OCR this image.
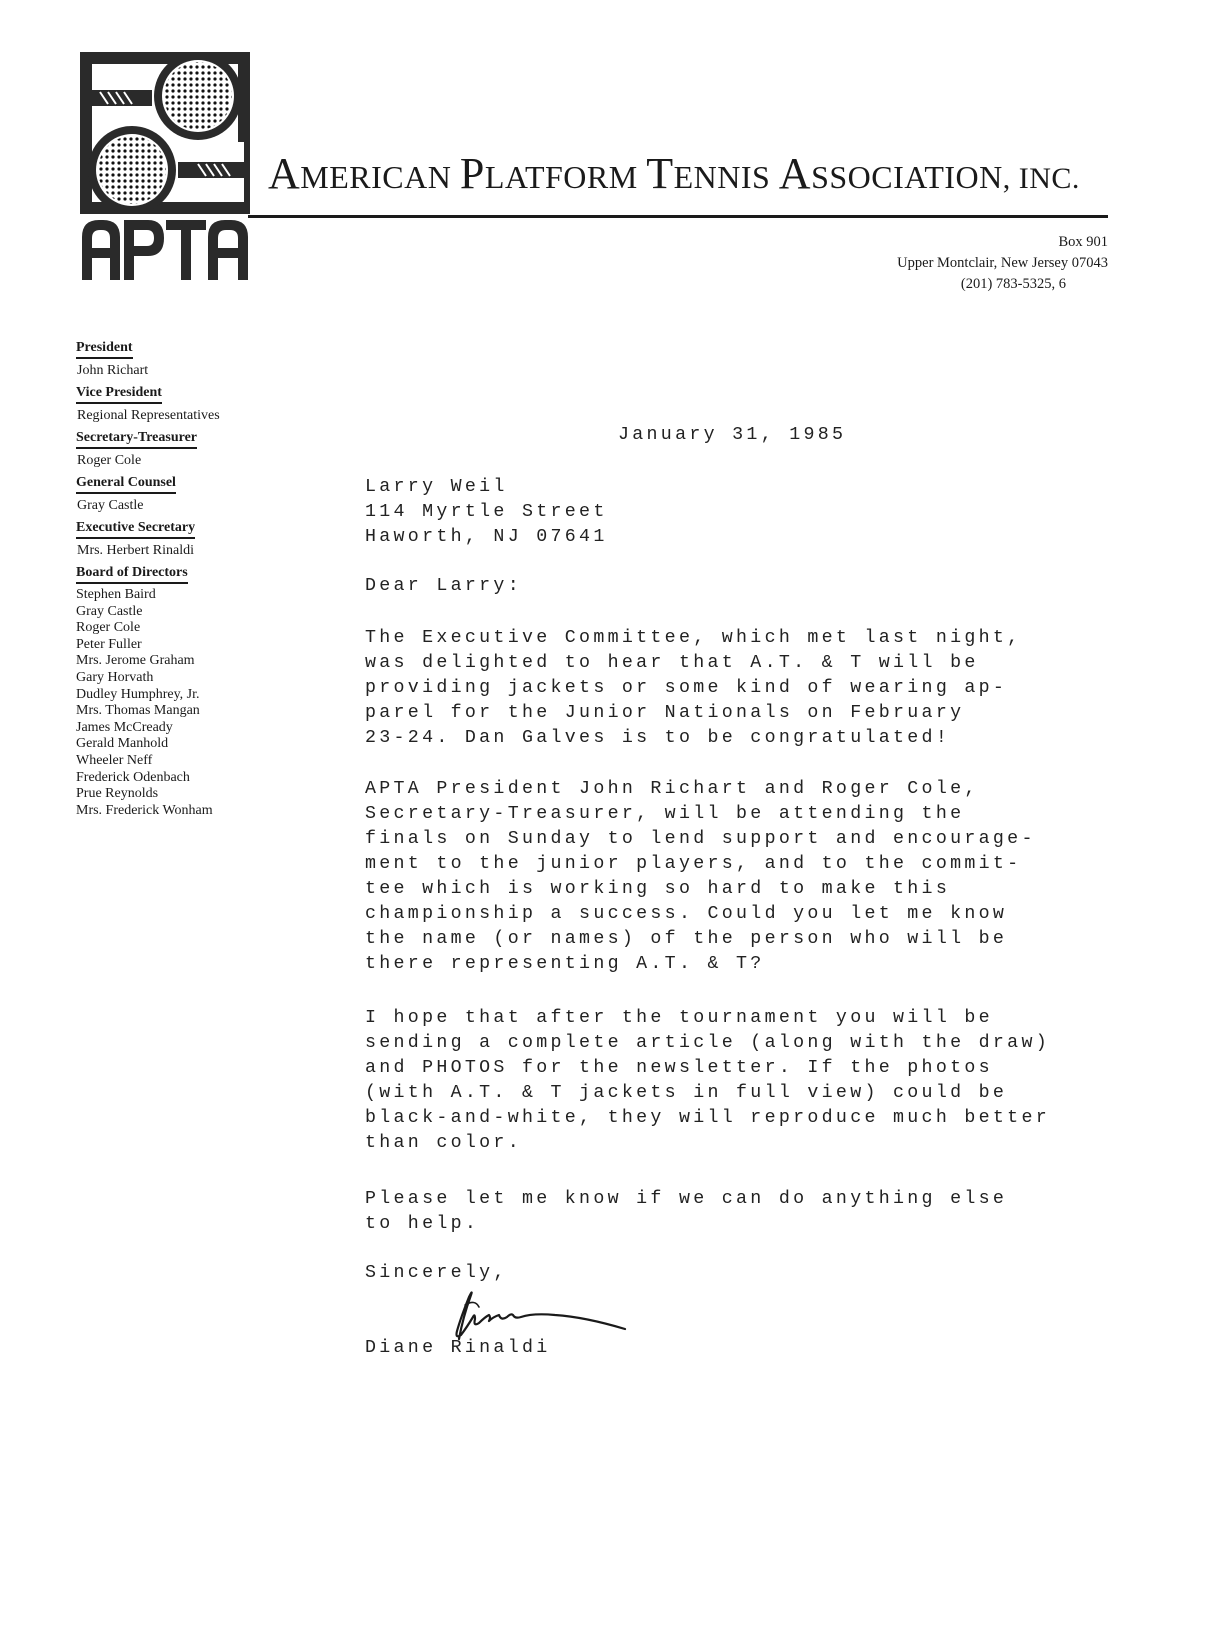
AMERICAN PLATFORM TENNIS ASSOCIATION, INC.
Box 901
Upper Montclair, New Jersey 07043
(201) 783-5325, 6
President
John Richart
Vice President
Regional Representatives
Secretary-Treasurer
Roger Cole
General Counsel
Gray Castle
Executive Secretary
Mrs. Herbert Rinaldi
Board of Directors
Stephen Baird
Gray Castle
Roger Cole
Peter Fuller
Mrs. Jerome Graham
Gary Horvath
Dudley Humphrey, Jr.
Mrs. Thomas Mangan
James McCready
Gerald Manhold
Wheeler Neff
Frederick Odenbach
Prue Reynolds
Mrs. Frederick Wonham
January 31, 1985
Larry Weil
114 Myrtle Street
Haworth, NJ 07641
Dear Larry:
The Executive Committee, which met last night,
was delighted to hear that A.T. & T will be
providing jackets or some kind of wearing ap-
parel for the Junior Nationals on February
23-24. Dan Galves is to be congratulated!
APTA President John Richart and Roger Cole,
Secretary-Treasurer, will be attending the
finals on Sunday to lend support and encourage-
ment to the junior players, and to the commit-
tee which is working so hard to make this
championship a success. Could you let me know
the name (or names) of the person who will be
there representing A.T. & T?
I hope that after the tournament you will be
sending a complete article (along with the draw)
and PHOTOS for the newsletter. If the photos
(with A.T. & T jackets in full view) could be
black-and-white, they will reproduce much better
than color.
Please let me know if we can do anything else
to help.
Sincerely,
Diane Rinaldi
